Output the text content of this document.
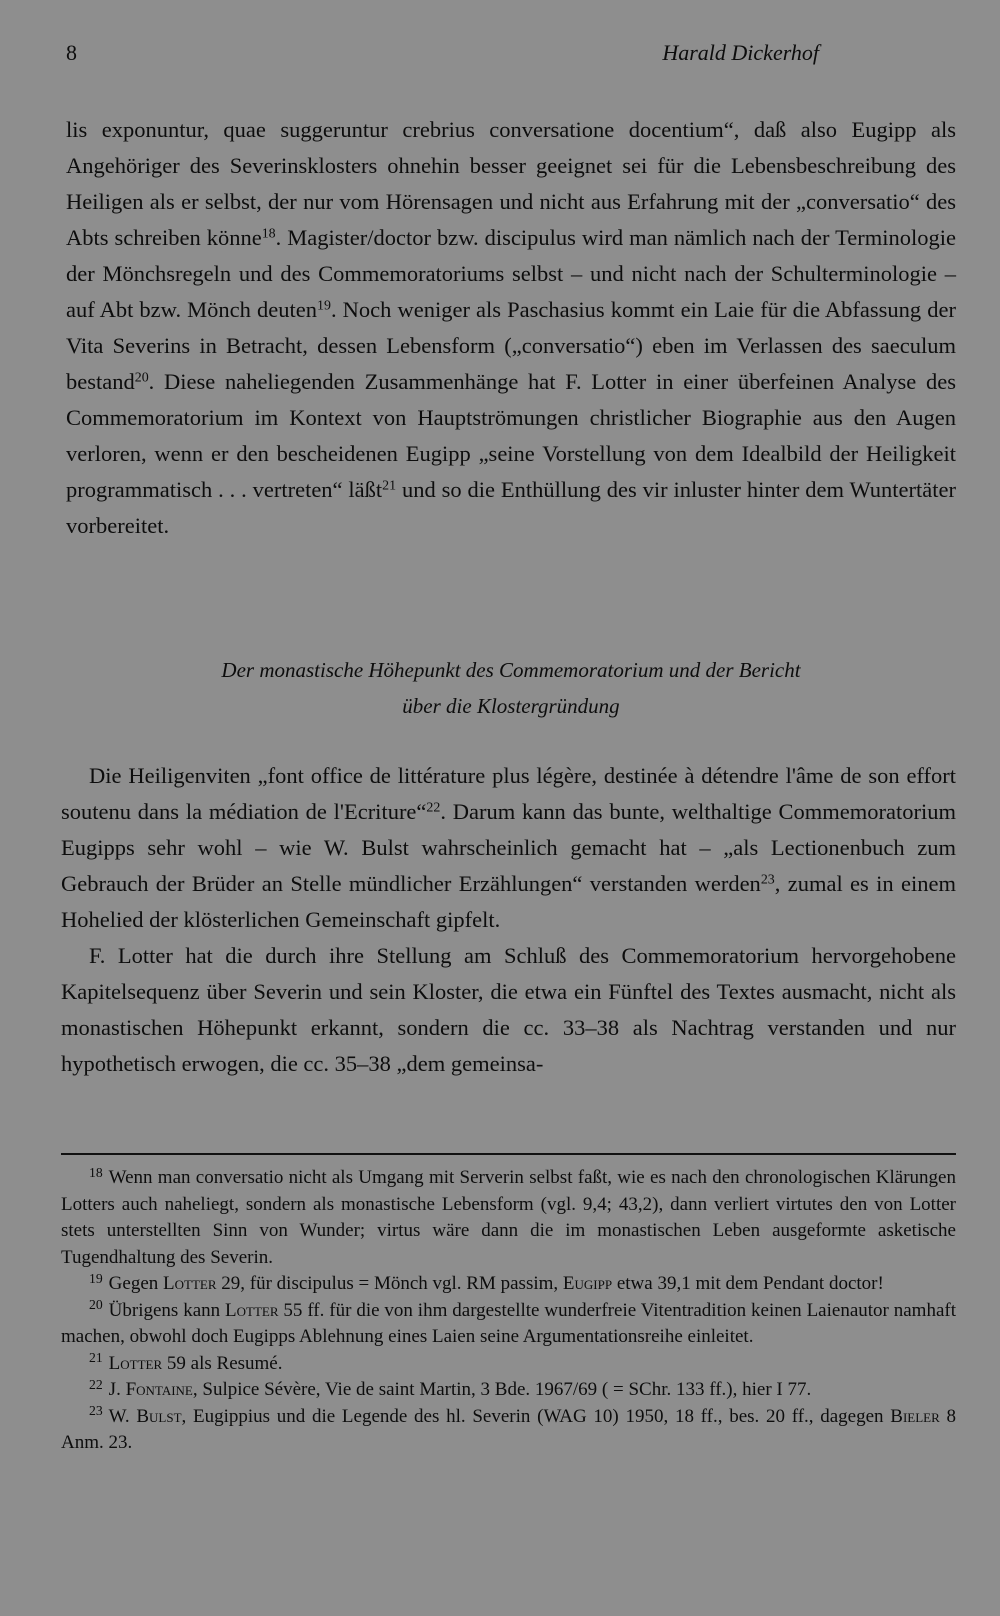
8	Harald Dickerhof

lis exponuntur, quae suggeruntur crebrius conversatione docentium“, daß also Eugipp als Angehöriger des Severinsklosters ohnehin besser geeignet sei für die Lebensbeschreibung des Heiligen als er selbst, der nur vom Hörensagen und nicht aus Erfahrung mit der „conversatio“ des Abts schreiben könne$^{18}$. Magister/doctor bzw. discipulus wird man nämlich nach der Terminologie der Mönchsregeln und des Commemoratoriums selbst – und nicht nach der Schulterminologie – auf Abt bzw. Mönch deuten$^{19}$. Noch weniger als Paschasius kommt ein Laie für die Abfassung der Vita Severins in Betracht, dessen Lebensform („conversatio“) eben im Verlassen des saeculum bestand$^{20}$. Diese naheliegenden Zusammenhänge hat F. Lotter in einer überfeinen Analyse des Commemoratorium im Kontext von Hauptströmungen christlicher Biographie aus den Augen verloren, wenn er den bescheidenen Eugipp „seine Vorstellung von dem Idealbild der Heiligkeit programmatisch . . . vertreten“ läßt$^{21}$ und so die Enthüllung des vir inluster hinter dem Wuntertäter vorbereitet.

Der monastische Höhepunkt des Commemoratorium und der Bericht

über die Klostergründung

Die Heiligenviten „font office de littérature plus légère, destinée à détendre l'âme de son effort soutenu dans la médiation de l'Ecriture“$^{22}$. Darum kann das bunte, welthaltige Commemoratorium Eugipps sehr wohl – wie W. Bulst wahrscheinlich gemacht hat – „als Lectionenbuch zum Gebrauch der Brüder an Stelle mündlicher Erzählungen“ verstanden werden$^{23}$, zumal es in einem Hohelied der klösterlichen Gemeinschaft gipfelt.

F. Lotter hat die durch ihre Stellung am Schluß des Commemoratorium hervorgehobene Kapitelsequenz über Severin und sein Kloster, die etwa ein Fünftel des Textes ausmacht, nicht als monastischen Höhepunkt erkannt, sondern die cc. 33–38 als Nachtrag verstanden und nur hypothetisch erwogen, die cc. 35–38 „dem gemeinsa-

$^{18}$ Wenn man conversatio nicht als Umgang mit Serverin selbst faßt, wie es nach den chronologischen Klärungen Lotters auch naheliegt, sondern als monastische Lebensform (vgl. 9,4; 43,2), dann verliert virtutes den von Lotter stets unterstellten Sinn von Wunder; virtus wäre dann die im monastischen Leben ausgeformte asketische Tugendhaltung des Severin.

$^{19}$ Gegen Lotter 29, für discipulus = Mönch vgl. RM passim, Eugipp etwa 39,1 mit dem Pendant doctor!

$^{20}$ Übrigens kann Lotter 55 ff. für die von ihm dargestellte wunderfreie Vitentradition keinen Laienautor namhaft machen, obwohl doch Eugipps Ablehnung eines Laien seine Argumentationsreihe einleitet.

$^{21}$ Lotter 59 als Resumé.

$^{22}$ J. Fontaine, Sulpice Sévère, Vie de saint Martin, 3 Bde. 1967/69 ( = SChr. 133 ff.), hier I 77.

$^{23}$ W. Bulst, Eugippius und die Legende des hl. Severin (WAG 10) 1950, 18 ff., bes. 20 ff., dagegen Bieler 8 Anm. 23.
